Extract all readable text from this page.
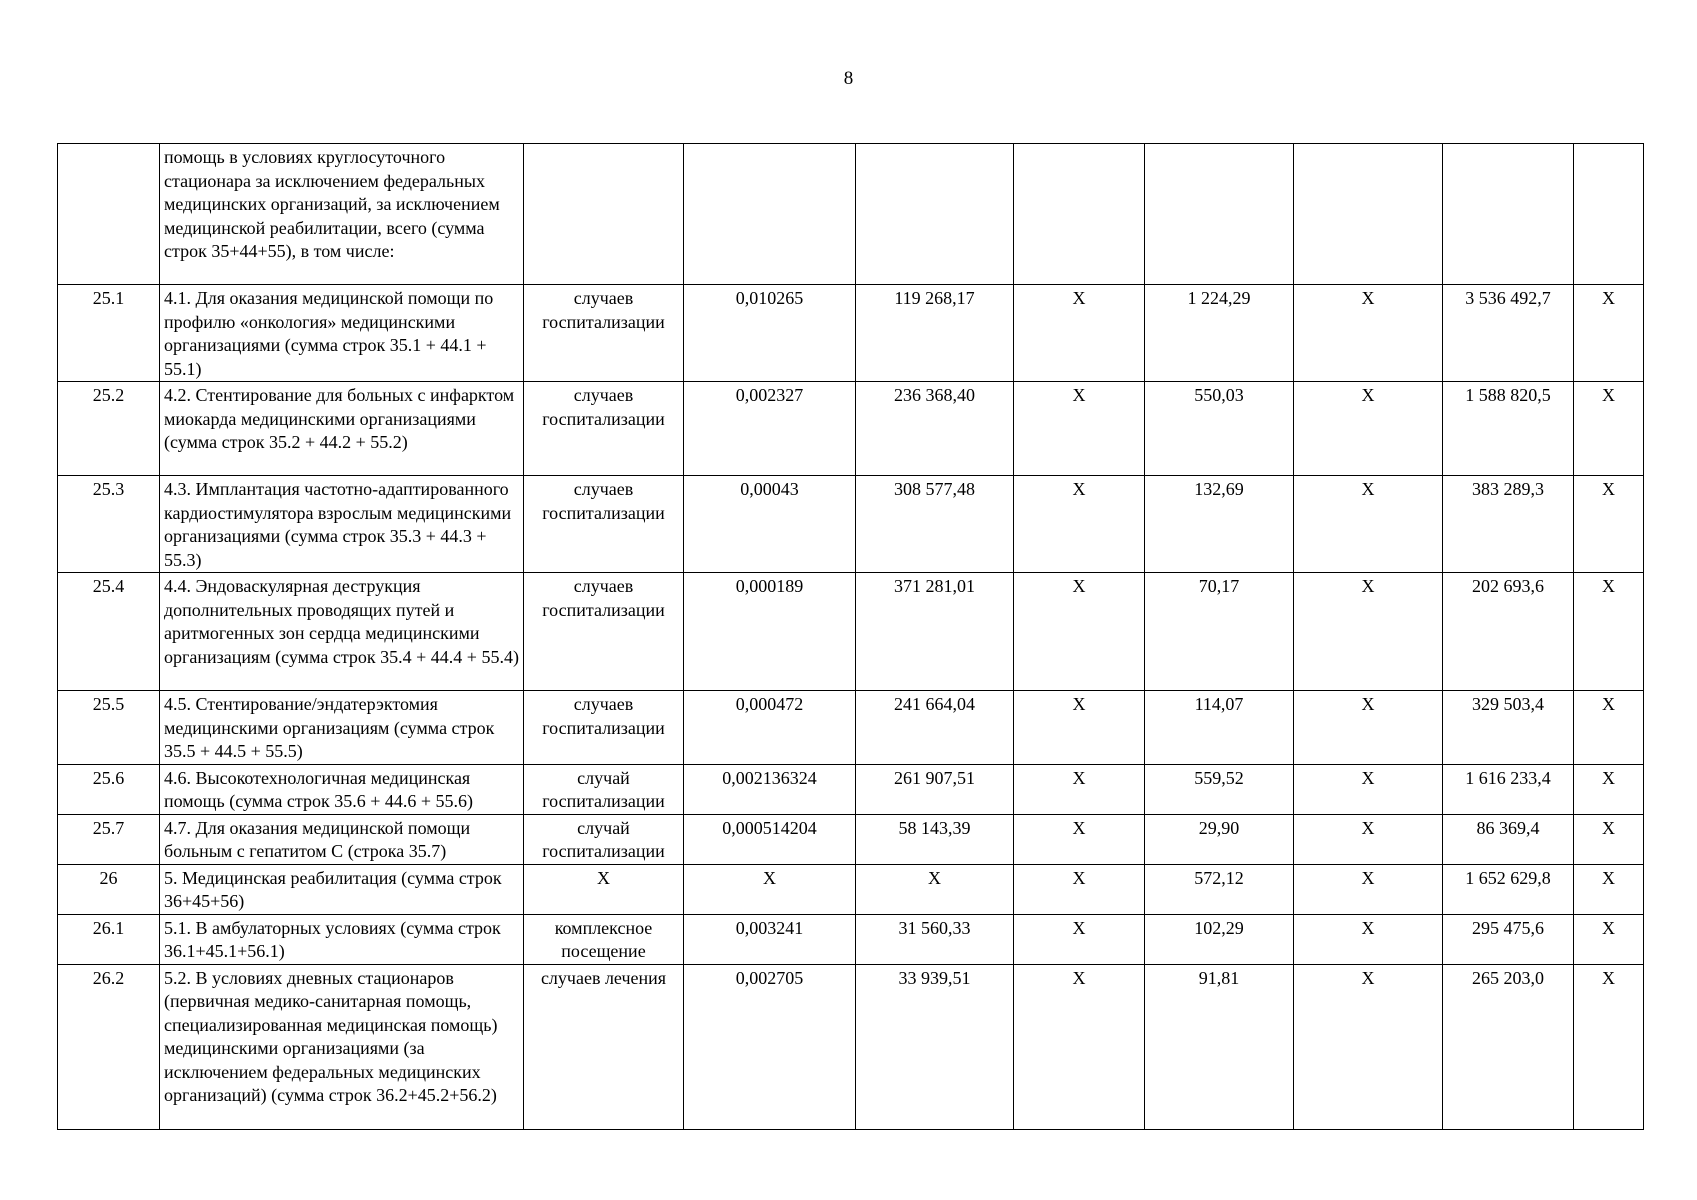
8
	помощь в условиях круглосуточного стационара за исключением федеральных медицинских организаций, за исключением медицинской реабилитации, всего (сумма строк 35+44+55), в том числе:								
25.1	4.1. Для оказания медицинской помощи по профилю «онкология» медицинскими организациями (сумма строк 35.1 + 44.1 + 55.1)	случаев госпитализации	0,010265	119 268,17	Х	1 224,29	Х	3 536 492,7	Х
25.2	4.2. Стентирование для больных с инфарктом миокарда медицинскими организациями (сумма строк 35.2 + 44.2 + 55.2)	случаев госпитализации	0,002327	236 368,40	Х	550,03	Х	1 588 820,5	Х
25.3	4.3. Имплантация частотно-адаптированного кардиостимулятора взрослым медицинскими организациями (сумма строк 35.3 + 44.3 + 55.3)	случаев госпитализации	0,00043	308 577,48	Х	132,69	Х	383 289,3	Х
25.4	4.4. Эндоваскулярная деструкция дополнительных проводящих путей и аритмогенных зон сердца медицинскими организациям (сумма строк 35.4 + 44.4 + 55.4)	случаев госпитализации	0,000189	371 281,01	Х	70,17	Х	202 693,6	Х
25.5	4.5. Стентирование/эндатерэктомия медицинскими организациям (сумма строк 35.5 + 44.5 + 55.5)	случаев госпитализации	0,000472	241 664,04	Х	114,07	Х	329 503,4	Х
25.6	4.6. Высокотехнологичная медицинская помощь (сумма строк 35.6 + 44.6 + 55.6)	случай госпитализации	0,002136324	261 907,51	Х	559,52	Х	1 616 233,4	Х
25.7	4.7. Для оказания медицинской помощи больным с гепатитом С (строка 35.7)	случай госпитализации	0,000514204	58 143,39	Х	29,90	Х	86 369,4	Х
26	5. Медицинская реабилитация (сумма строк 36+45+56)	Х	Х	Х	Х	572,12	Х	1 652 629,8	Х
26.1	5.1. В амбулаторных условиях (сумма строк 36.1+45.1+56.1)	комплексное посещение	0,003241	31 560,33	Х	102,29	Х	295 475,6	Х
26.2	5.2. В условиях дневных стационаров (первичная медико-санитарная помощь, специализированная медицинская помощь) медицинскими организациями (за исключением федеральных медицинских организаций) (сумма строк 36.2+45.2+56.2)	случаев лечения	0,002705	33 939,51	Х	91,81	Х	265 203,0	Х
